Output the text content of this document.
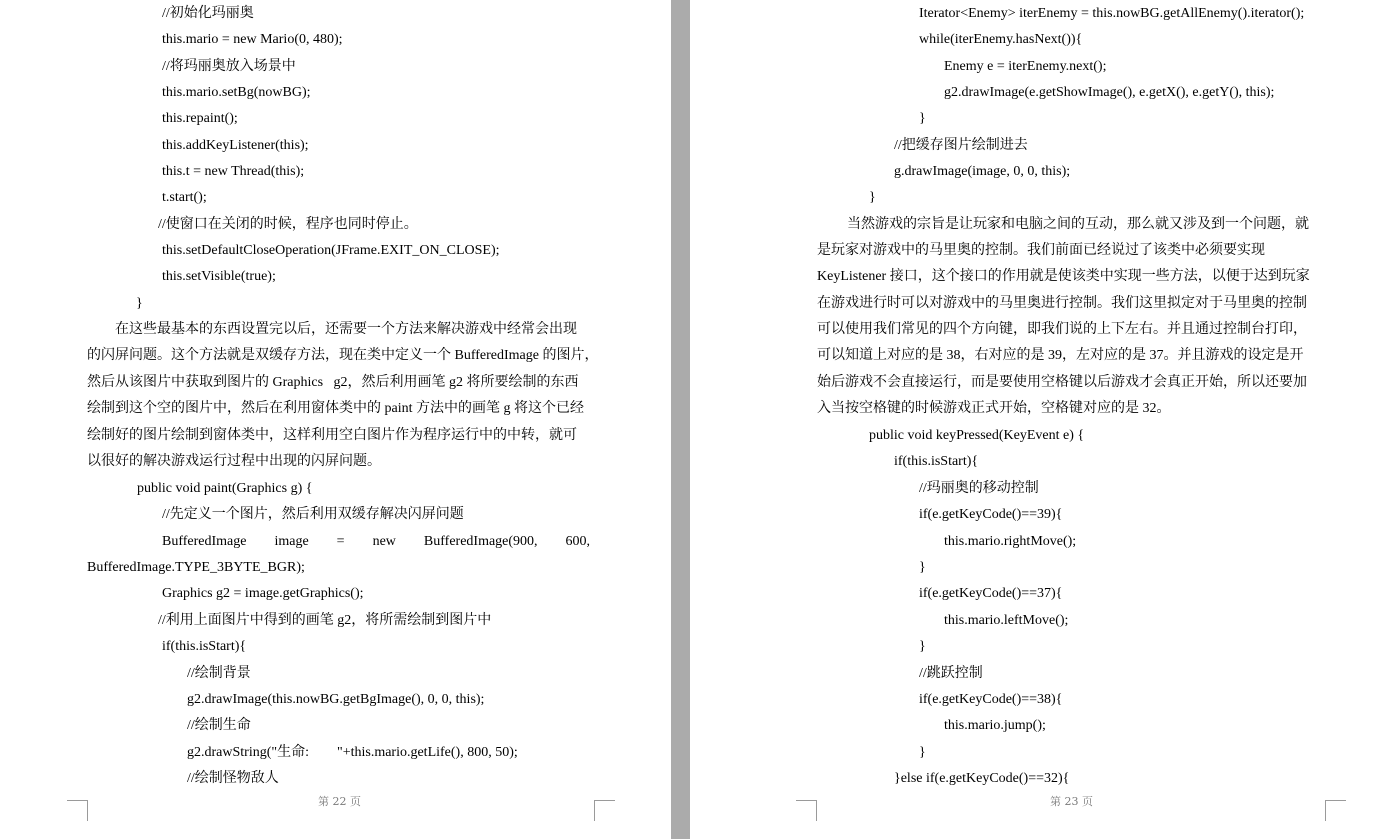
//初始化玛丽奥
this.mario = new Mario(0, 480);
//将玛丽奥放入场景中
this.mario.setBg(nowBG);
this.repaint();
this.addKeyListener(this);
this.t = new Thread(this);
t.start();
//使窗口在关闭的时候，程序也同时停止。
this.setDefaultCloseOperation(JFrame.EXIT_ON_CLOSE);
this.setVisible(true);
}
在这些最基本的东西设置完以后，还需要一个方法来解决游戏中经常会出现
的闪屏问题。这个方法就是双缓存方法，现在类中定义一个 BufferedImage 的图片，
然后从该图片中获取到图片的 Graphics   g2，然后利用画笔 g2 将所要绘制的东西
绘制到这个空的图片中，然后在利用窗体类中的 paint 方法中的画笔 g 将这个已经
绘制好的图片绘制到窗体类中，这样利用空白图片作为程序运行中的中转，就可
以很好的解决游戏运行过程中出现的闪屏问题。
public void paint(Graphics g) {
//先定义一个图片，然后利用双缓存解决闪屏问题
BufferedImage        image        =        new        BufferedImage(900,        600,
BufferedImage.TYPE_3BYTE_BGR);
Graphics g2 = image.getGraphics();
//利用上面图片中得到的画笔 g2，将所需绘制到图片中
if(this.isStart){
//绘制背景
g2.drawImage(this.nowBG.getBgImage(), 0, 0, this);
//绘制生命
g2.drawString("生命:        "+this.mario.getLife(), 800, 50);
//绘制怪物敌人
第 22 页
Iterator<Enemy> iterEnemy = this.nowBG.getAllEnemy().iterator();
while(iterEnemy.hasNext()){
Enemy e = iterEnemy.next();
g2.drawImage(e.getShowImage(), e.getX(), e.getY(), this);
}
//把缓存图片绘制进去
g.drawImage(image, 0, 0, this);
}
当然游戏的宗旨是让玩家和电脑之间的互动，那么就又涉及到一个问题，就
是玩家对游戏中的马里奥的控制。我们前面已经说过了该类中必须要实现
KeyListener 接口，这个接口的作用就是使该类中实现一些方法，以便于达到玩家
在游戏进行时可以对游戏中的马里奥进行控制。我们这里拟定对于马里奥的控制
可以使用我们常见的四个方向键，即我们说的上下左右。并且通过控制台打印，
可以知道上对应的是 38，右对应的是 39，左对应的是 37。并且游戏的设定是开
始后游戏不会直接运行，而是要使用空格键以后游戏才会真正开始，所以还要加
入当按空格键的时候游戏正式开始，空格键对应的是 32。
public void keyPressed(KeyEvent e) {
if(this.isStart){
//玛丽奥的移动控制
if(e.getKeyCode()==39){
this.mario.rightMove();
}
if(e.getKeyCode()==37){
this.mario.leftMove();
}
//跳跃控制
if(e.getKeyCode()==38){
this.mario.jump();
}
}else if(e.getKeyCode()==32){
第 23 页
